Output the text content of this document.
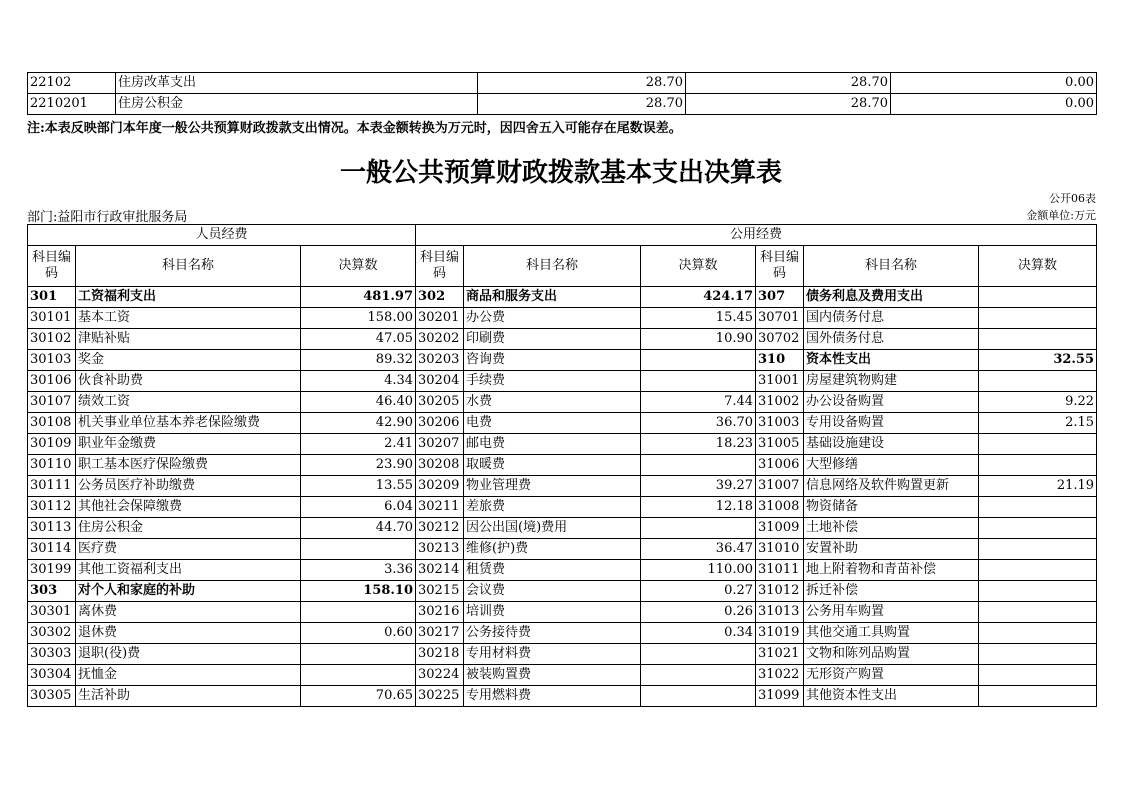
22102	住房改革支出	28.70	28.70	0.00
2210201	住房公积金	28.70	28.70	0.00
注:本表反映部门本年度一般公共预算财政拨款支出情况。本表金额转换为万元时，因四舍五入可能存在尾数误差。
一般公共预算财政拨款基本支出决算表
公开06表
部门:益阳市行政审批服务局	金额单位:万元
人员经费			公用经费					
科目编码	科目名称	决算数	科目编码	科目名称	决算数	科目编码	科目名称	决算数
301	工资福利支出	481.97	302	商品和服务支出	424.17	307	债务利息及费用支出	
30101	基本工资	158.00	30201	办公费	15.45	30701	国内债务付息	
30102	津贴补贴	47.05	30202	印刷费	10.90	30702	国外债务付息	
30103	奖金	89.32	30203	咨询费		310	资本性支出	32.55
30106	伙食补助费	4.34	30204	手续费		31001	房屋建筑物购建	
30107	绩效工资	46.40	30205	水费	7.44	31002	办公设备购置	9.22
30108	机关事业单位基本养老保险缴费	42.90	30206	电费	36.70	31003	专用设备购置	2.15
30109	职业年金缴费	2.41	30207	邮电费	18.23	31005	基础设施建设	
30110	职工基本医疗保险缴费	23.90	30208	取暖费		31006	大型修缮	
30111	公务员医疗补助缴费	13.55	30209	物业管理费	39.27	31007	信息网络及软件购置更新	21.19
30112	其他社会保障缴费	6.04	30211	差旅费	12.18	31008	物资储备	
30113	住房公积金	44.70	30212	因公出国(境)费用		31009	土地补偿	
30114	医疗费		30213	维修(护)费	36.47	31010	安置补助	
30199	其他工资福利支出	3.36	30214	租赁费	110.00	31011	地上附着物和青苗补偿	
303	对个人和家庭的补助	158.10	30215	会议费	0.27	31012	拆迁补偿	
30301	离休费		30216	培训费	0.26	31013	公务用车购置	
30302	退休费	0.60	30217	公务接待费	0.34	31019	其他交通工具购置	
30303	退职(役)费		30218	专用材料费		31021	文物和陈列品购置	
30304	抚恤金		30224	被装购置费		31022	无形资产购置	
30305	生活补助	70.65	30225	专用燃料费		31099	其他资本性支出	
